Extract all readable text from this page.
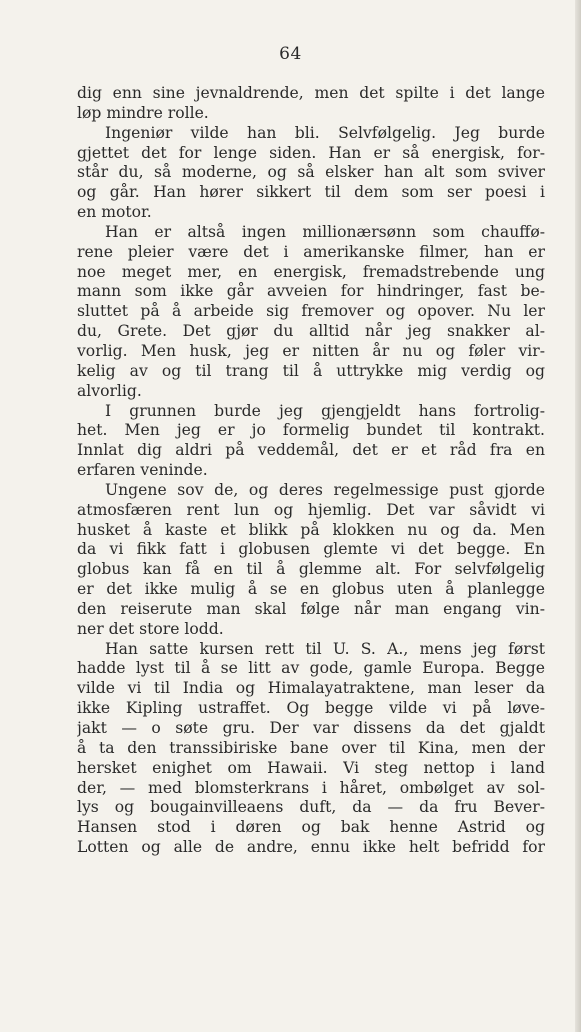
64
dig enn sine jevnaldrende, men det spilte i det lange
løp mindre rolle.
Ingeniør vilde han bli. Selvfølgelig. Jeg burde
gjettet det for lenge siden. Han er så energisk, for-
står du, så moderne, og så elsker han alt som sviver
og går. Han hører sikkert til dem som ser poesi i
en motor.
Han er altså ingen millionærsønn som chauffø-
rene pleier være det i amerikanske filmer, han er
noe meget mer, en energisk, fremadstrebende ung
mann som ikke går avveien for hindringer, fast be-
sluttet på å arbeide sig fremover og opover. Nu ler
du, Grete. Det gjør du alltid når jeg snakker al-
vorlig. Men husk, jeg er nitten år nu og føler vir-
kelig av og til trang til å uttrykke mig verdig og
alvorlig.
I grunnen burde jeg gjengjeldt hans fortrolig-
het. Men jeg er jo formelig bundet til kontrakt.
Innlat dig aldri på veddemål, det er et råd fra en
erfaren veninde.
Ungene sov de, og deres regelmessige pust gjorde
atmosfæren rent lun og hjemlig. Det var såvidt vi
husket å kaste et blikk på klokken nu og da. Men
da vi fikk fatt i globusen glemte vi det begge. En
globus kan få en til å glemme alt. For selvfølgelig
er det ikke mulig å se en globus uten å planlegge
den reiserute man skal følge når man engang vin-
ner det store lodd.
Han satte kursen rett til U. S. A., mens jeg først
hadde lyst til å se litt av gode, gamle Europa. Begge
vilde vi til India og Himalayatraktene, man leser da
ikke Kipling ustraffet. Og begge vilde vi på løve-
jakt — o søte gru. Der var dissens da det gjaldt
å ta den transsibiriske bane over til Kina, men der
hersket enighet om Hawaii. Vi steg nettop i land
der, — med blomsterkrans i håret, ombølget av sol-
lys og bougainvilleaens duft, da — da fru Bever-
Hansen stod i døren og bak henne Astrid og
Lotten og alle de andre, ennu ikke helt befridd for
